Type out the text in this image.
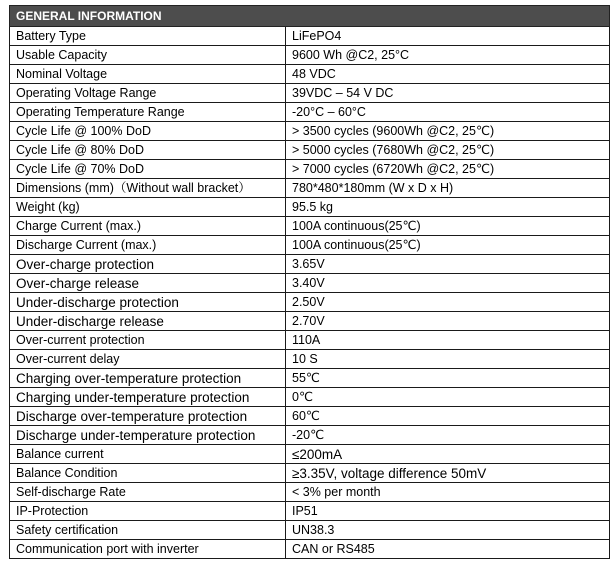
GENERAL INFORMATION	
Battery Type	LiFePO4
Usable Capacity	9600 Wh @C2, 25°C
Nominal Voltage	48 VDC
Operating Voltage Range	39VDC – 54 V DC
Operating Temperature Range	-20°C – 60°C
Cycle Life @ 100% DoD	> 3500 cycles (9600Wh @C2, 25℃)
Cycle Life @ 80% DoD	> 5000 cycles (7680Wh @C2, 25℃)
Cycle Life @ 70% DoD	> 7000 cycles (6720Wh @C2, 25℃)
Dimensions (mm)（Without wall bracket）	780*480*180mm (W x D x H)
Weight (kg)	95.5 kg
Charge Current (max.)	100A continuous(25℃)
Discharge Current (max.)	100A continuous(25℃)
Over-charge protection	3.65V
Over-charge release	3.40V
Under-discharge protection	2.50V
Under-discharge release	2.70V
Over-current protection	110A
Over-current delay	10 S
Charging over-temperature protection	55℃
Charging under-temperature protection	0℃
Discharge over-temperature protection	60℃
Discharge under-temperature protection	-20℃
Balance current	≤200mA
Balance Condition	≥3.35V, voltage difference 50mV
Self-discharge Rate	< 3% per month
IP-Protection	IP51
Safety certification	UN38.3
Communication port with inverter	CAN or RS485
